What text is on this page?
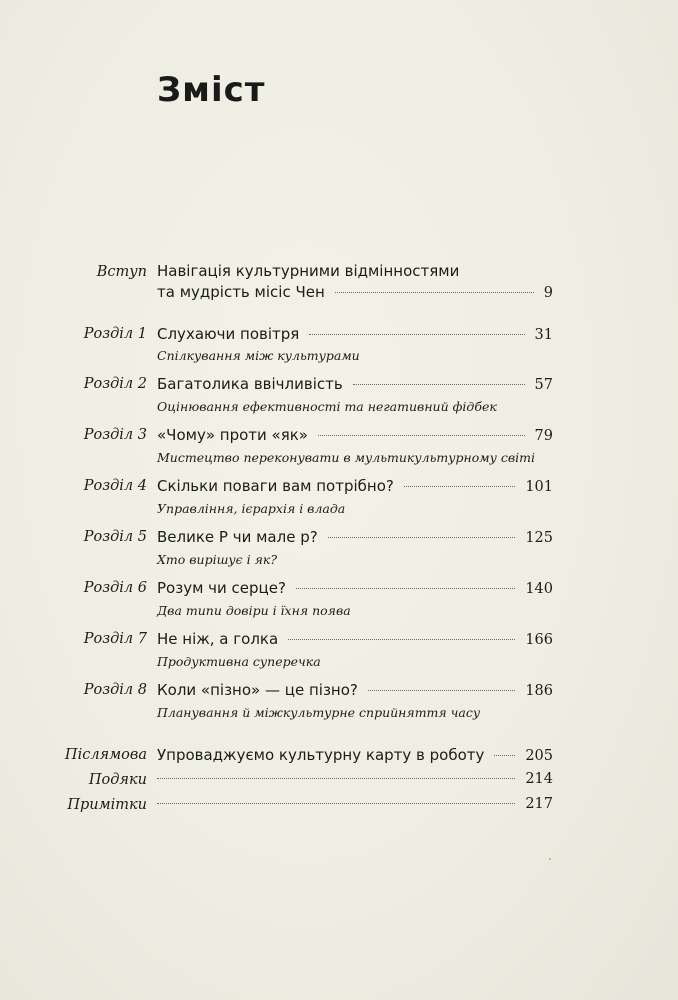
Зміст
Вступ Навігація культурними відмінностями
та мудрість місіс Чен	9
Розділ 1 Слухаючи повітря	31
Спілкування між культурами
Розділ 2 Багатолика ввічливість	57
Оцінювання ефективності та негативний фідбек
Розділ 3 «Чому» проти «як»	79
Мистецтво переконувати в мультикультурному світі
Розділ 4 Скільки поваги вам потрібно?	101
Управління, ієрархія і влада
Розділ 5 Велике Р чи мале р?	125
Хто вирішує і як?
Розділ 6 Розум чи серце?	140
Два типи довіри і їхня поява
Розділ 7 Не ніж, а голка	166
Продуктивна суперечка
Розділ 8 Коли «пізно» — це пізно?	186
Планування й міжкультурне сприйняття часу
Післямова Упроваджуємо культурну карту в роботу	205
Подяки	214
Примітки	217
